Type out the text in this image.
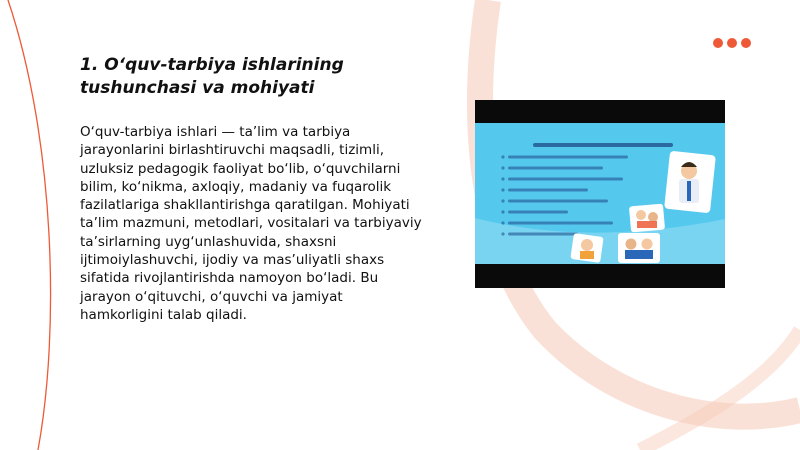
1. O‘quv-tarbiya ishlarining tushunchasi va mohiyati
O‘quv-tarbiya ishlari — ta’lim va tarbiya jarayonlarini birlashtiruvchi maqsadli, tizimli, uzluksiz pedagogik faoliyat bo‘lib, o‘quvchilarni bilim, ko‘nikma, axloqiy, madaniy va fuqarolik fazilatlariga shakllantirishga qaratilgan. Mohiyati ta’lim mazmuni, metodlari, vositalari va tarbiyaviy ta’sirlarning uyg‘unlashuvida, shaxsni ijtimoiylashuvchi, ijodiy va mas’uliyatli shaxs sifatida rivojlantirishda namoyon bo‘ladi. Bu jarayon o‘qituvchi, o‘quvchi va jamiyat hamkorligini talab qiladi.
